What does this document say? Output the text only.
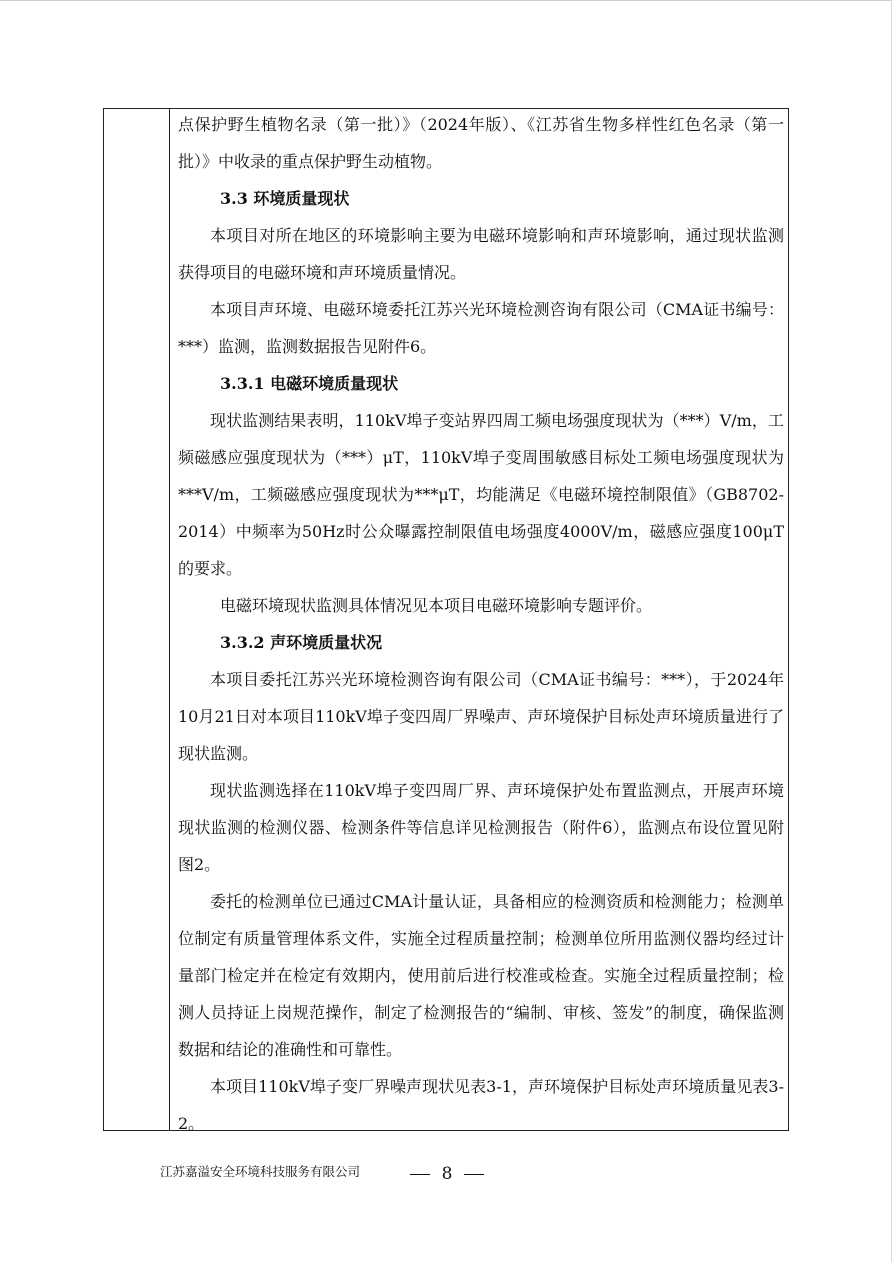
点保护野生植物名录（第一批）》（2024年版）、《江苏省生物多样性红色名录（第一批）》中收录的重点保护野生动植物。

3.3 环境质量现状

本项目对所在地区的环境影响主要为电磁环境影响和声环境影响，通过现状监测获得项目的电磁环境和声环境质量情况。

本项目声环境、电磁环境委托江苏兴光环境检测咨询有限公司（CMA证书编号：***）监测，监测数据报告见附件6。

3.3.1 电磁环境质量现状

现状监测结果表明，110kV埠子变站界四周工频电场强度现状为（***）V/m，工频磁感应强度现状为（***）μT，110kV埠子变周围敏感目标处工频电场强度现状为***V/m，工频磁感应强度现状为***μT，均能满足《电磁环境控制限值》（GB8702-2014）中频率为50Hz时公众曝露控制限值电场强度4000V/m，磁感应强度100μT的要求。

电磁环境现状监测具体情况见本项目电磁环境影响专题评价。

3.3.2 声环境质量状况

本项目委托江苏兴光环境检测咨询有限公司（CMA证书编号：***），于2024年10月21日对本项目110kV埠子变四周厂界噪声、声环境保护目标处声环境质量进行了现状监测。

现状监测选择在110kV埠子变四周厂界、声环境保护处布置监测点，开展声环境现状监测的检测仪器、检测条件等信息详见检测报告（附件6），监测点布设位置见附图2。

委托的检测单位已通过CMA计量认证，具备相应的检测资质和检测能力；检测单位制定有质量管理体系文件，实施全过程质量控制；检测单位所用监测仪器均经过计量部门检定并在检定有效期内，使用前后进行校准或检查。实施全过程质量控制；检测人员持证上岗规范操作，制定了检测报告的“编制、审核、签发”的制度，确保监测数据和结论的准确性和可靠性。

本项目110kV埠子变厂界噪声现状见表3-1，声环境保护目标处声环境质量见表3-2。

江苏嘉溢安全环境科技服务有限公司	8
